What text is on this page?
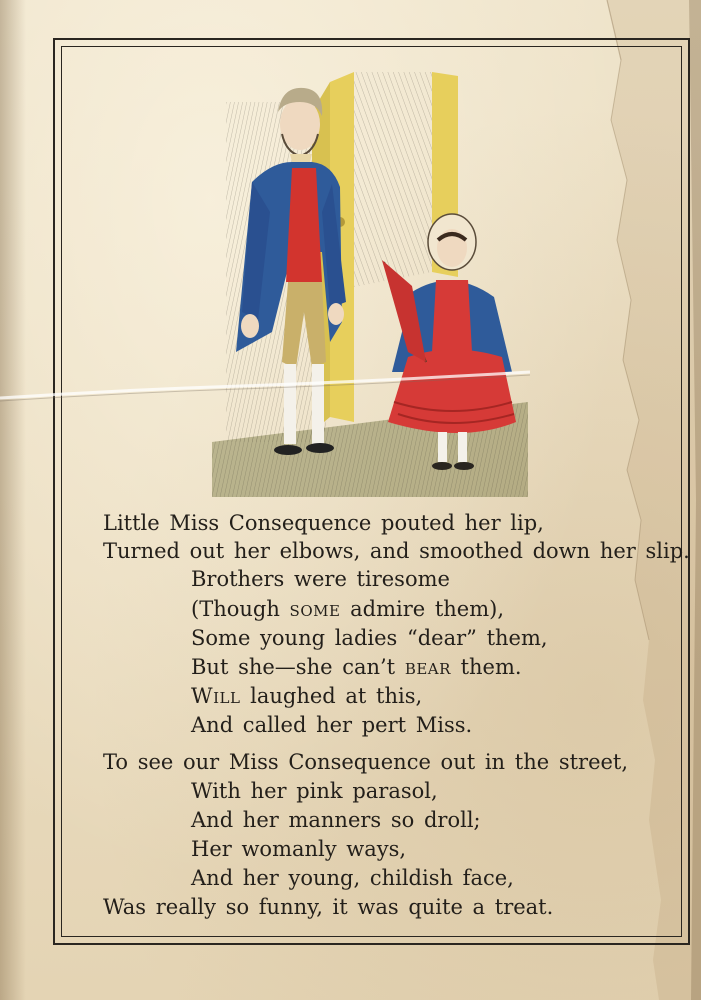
Little Miss Consequence pouted her lip,
Turned out her elbows, and smoothed down her slip.
Brothers were tiresome
(Though some admire them),
Some young ladies “dear” them,
But she—she can’t bear them.
Will laughed at this,
And called her pert Miss.
To see our Miss Consequence out in the street,
With her pink parasol,
And her manners so droll;
Her womanly ways,
And her young, childish face,
Was really so funny, it was quite a treat.
